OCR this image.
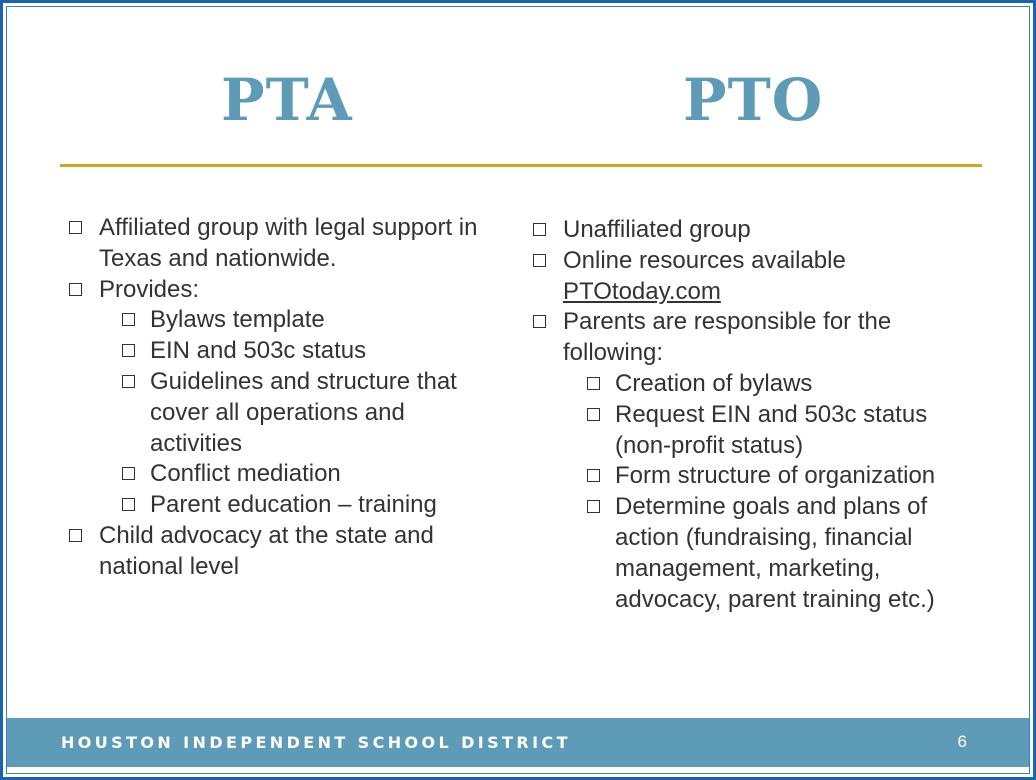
PTA	PTO
Affiliated group with legal support in Texas and nationwide.
Provides:
Bylaws template
EIN and 503c status
Guidelines and structure that cover all operations and activities
Conflict mediation
Parent education – training
Child advocacy at the state and national level
Unaffiliated group
Online resources available
PTOtoday.com
Parents are responsible for the following:
Creation of bylaws
Request EIN and 503c status (non-profit status)
Form structure of organization
Determine goals and plans of action (fundraising, financial management, marketing, advocacy, parent training etc.)
HOUSTON INDEPENDENT SCHOOL DISTRICT	6
